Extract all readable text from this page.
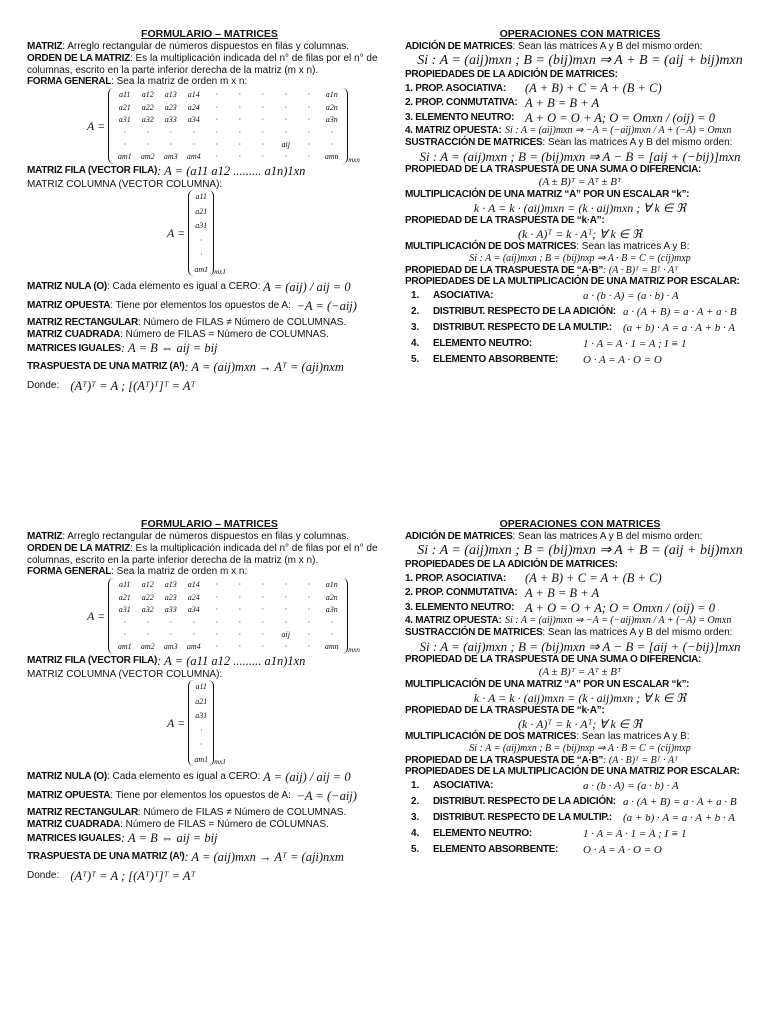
FORMULARIO – MATRICES

MATRIZ: Arreglo rectangular de números dispuestos en filas y columnas.

ORDEN DE LA MATRIZ: Es la multiplicación indicada del n° de filas por el n° de columnas, escrito en la parte inferior derecha de la matriz (m x n).

FORMA GENERAL: Sea la matriz de orden m x n:

A =
a11	a12	a13	a14	·	·	·	·	·	a1n
a21	a22	a23	a24	·	·	·	·	·	a2n
a31	a32	a33	a34	·	·	·	·	·	a3n
·	·	·	·	·	·	·	·	·	·
·	·	·	·	·	·	·	aij	·	·
am1	am2	am3	am4	·	·	·	·	·	amn	mxn

MATRIZ FILA (VECTOR FILA) : A = (a11 a12 ......... a1n)1xn

MATRIZ COLUMNA (VECTOR COLUMNA):

A =
a11
a21
a31
·
·
am1 mx1

MATRIZ NULA (O) : Cada elemento es igual a CERO:
A = (aij) / aij = 0

MATRIZ OPUESTA : Tiene por elementos los opuestos de A:
−A = (−aij)

MATRIZ RECTANGULAR: Número de FILAS ≠ Número de COLUMNAS.

MATRIZ CUADRADA: Número de FILAS = Número de COLUMNAS.

MATRICES IGUALES : A = B ⇔ aij = bij

TRASPUESTA DE UNA MATRIZ (Aᵗ) : A = (aij)mxn → Aᵀ = (aji)nxm

Donde:
(Aᵀ)ᵀ = A ; [(Aᵀ)ᵀ]ᵀ = Aᵀ

OPERACIONES CON MATRICES

ADICIÓN DE MATRICES: Sean las matrices A y B del mismo orden:

Si : A = (aij)mxn ; B = (bij)mxn ⇒ A + B = (aij + bij)mxn

PROPIEDADES DE LA ADICIÓN DE MATRICES:

1. PROP. ASOCIATIVA:	(A + B) + C = A + (B + C)

2. PROP. CONMUTATIVA: A + B = B + A

3. ELEMENTO NEUTRO: A + O = O + A; O = Omxn / (oij) = 0

4. MATRIZ OPUESTA: Si : A = (aij)mxn ⇒ −A = (−aij)mxn / A + (−A) = Omxn

SUSTRACCIÓN DE MATRICES: Sean las matrices A y B del mismo orden:

Si : A = (aij)mxn ; B = (bij)mxn ⇒ A − B = [aij + (−bij)]mxn

PROPIEDAD DE LA TRASPUESTA DE UNA SUMA O DIFERENCIA:

(A ± B)ᵀ = Aᵀ ± Bᵀ

MULTIPLICACIÓN DE UNA MATRIZ “A” POR UN ESCALAR “k”:

k · A = k · (aij)mxn = (k · aij)mxn ; ∀ k ∈ ℜ

PROPIEDAD DE LA TRASPUESTA DE “k·A”:

(k · A)ᵀ = k · Aᵀ; ∀ k ∈ ℜ

MULTIPLICACIÓN DE DOS MATRICES: Sean las matrices A y B:

Si : A = (aij)mxn ; B = (bij)nxp ⇒ A · B = C = (cij)mxp

PROPIEDAD DE LA TRASPUESTA DE “A·B” : (A · B)ᵀ = Bᵀ · Aᵀ

PROPIEDADES DE LA MULTIPLICACIÓN DE UNA MATRIZ POR ESCALAR:

1.	ASOCIATIVA:	a · (b · A) = (a · b) · A
2.	DISTRIBUT. RESPECTO DE LA ADICIÓN: a · (A + B) = a · A + a · B
3.	DISTRIBUT. RESPECTO DE LA MULTIP.:	(a + b) · A = a · A + b · A
4.	ELEMENTO NEUTRO:	1 · A = A · 1 = A ; I ≡ 1
5.	ELEMENTO ABSORBENTE:	O · A = A · O = O
FORMULARIO – MATRICES

MATRIZ: Arreglo rectangular de números dispuestos en filas y columnas.

ORDEN DE LA MATRIZ: Es la multiplicación indicada del n° de filas por el n° de columnas, escrito en la parte inferior derecha de la matriz (m x n).

FORMA GENERAL: Sea la matriz de orden m x n:

A =
a11	a12	a13	a14	·	·	·	·	·	a1n
a21	a22	a23	a24	·	·	·	·	·	a2n
a31	a32	a33	a34	·	·	·	·	·	a3n
·	·	·	·	·	·	·	·	·	·
·	·	·	·	·	·	·	aij	·	·
am1	am2	am3	am4	·	·	·	·	·	amn	mxn

MATRIZ FILA (VECTOR FILA) : A = (a11 a12 ......... a1n)1xn

MATRIZ COLUMNA (VECTOR COLUMNA):

A =
a11
a21
a31
·
·
am1 mx1

MATRIZ NULA (O) : Cada elemento es igual a CERO:
A = (aij) / aij = 0

MATRIZ OPUESTA : Tiene por elementos los opuestos de A:
−A = (−aij)

MATRIZ RECTANGULAR: Número de FILAS ≠ Número de COLUMNAS.

MATRIZ CUADRADA: Número de FILAS = Número de COLUMNAS.

MATRICES IGUALES : A = B ⇔ aij = bij

TRASPUESTA DE UNA MATRIZ (Aᵗ) : A = (aij)mxn → Aᵀ = (aji)nxm

Donde:
(Aᵀ)ᵀ = A ; [(Aᵀ)ᵀ]ᵀ = Aᵀ

OPERACIONES CON MATRICES

ADICIÓN DE MATRICES: Sean las matrices A y B del mismo orden:

Si : A = (aij)mxn ; B = (bij)mxn ⇒ A + B = (aij + bij)mxn

PROPIEDADES DE LA ADICIÓN DE MATRICES:

1. PROP. ASOCIATIVA:	(A + B) + C = A + (B + C)

2. PROP. CONMUTATIVA: A + B = B + A

3. ELEMENTO NEUTRO: A + O = O + A; O = Omxn / (oij) = 0

4. MATRIZ OPUESTA: Si : A = (aij)mxn ⇒ −A = (−aij)mxn / A + (−A) = Omxn

SUSTRACCIÓN DE MATRICES: Sean las matrices A y B del mismo orden:

Si : A = (aij)mxn ; B = (bij)mxn ⇒ A − B = [aij + (−bij)]mxn

PROPIEDAD DE LA TRASPUESTA DE UNA SUMA O DIFERENCIA:

(A ± B)ᵀ = Aᵀ ± Bᵀ

MULTIPLICACIÓN DE UNA MATRIZ “A” POR UN ESCALAR “k”:

k · A = k · (aij)mxn = (k · aij)mxn ; ∀ k ∈ ℜ

PROPIEDAD DE LA TRASPUESTA DE “k·A”:

(k · A)ᵀ = k · Aᵀ; ∀ k ∈ ℜ

MULTIPLICACIÓN DE DOS MATRICES: Sean las matrices A y B:

Si : A = (aij)mxn ; B = (bij)nxp ⇒ A · B = C = (cij)mxp

PROPIEDAD DE LA TRASPUESTA DE “A·B” : (A · B)ᵀ = Bᵀ · Aᵀ

PROPIEDADES DE LA MULTIPLICACIÓN DE UNA MATRIZ POR ESCALAR:

1.	ASOCIATIVA:	a · (b · A) = (a · b) · A
2.	DISTRIBUT. RESPECTO DE LA ADICIÓN: a · (A + B) = a · A + a · B
3.	DISTRIBUT. RESPECTO DE LA MULTIP.:	(a + b) · A = a · A + b · A
4.	ELEMENTO NEUTRO:	1 · A = A · 1 = A ; I ≡ 1
5.	ELEMENTO ABSORBENTE:	O · A = A · O = O
